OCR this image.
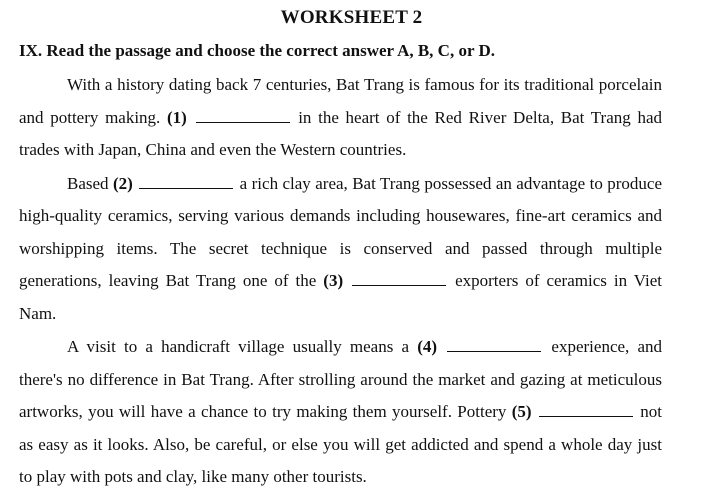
WORKSHEET 2
IX. Read the passage and choose the correct answer A, B, C, or D.

With a history dating back 7 centuries, Bat Trang is famous for its traditional porcelain and pottery making. (1)	in the heart of the Red River Delta, Bat Trang had trades with Japan, China and even the Western countries.

Based (2)	a rich clay area, Bat Trang possessed an advantage to produce high-quality ceramics, serving various demands including housewares, fine-art ceramics and worshipping items. The secret technique is conserved and passed through multiple generations, leaving Bat Trang one of the (3)	exporters of ceramics in Viet Nam.

A visit to a handicraft village usually means a (4)	experience, and there's no difference in Bat Trang. After strolling around the market and gazing at meticulous artworks, you will have a chance to try making them yourself. Pottery (5)	not as easy as it looks. Also, be careful, or else you will get addicted and spend a whole day just to play with pots and clay, like many other tourists.
